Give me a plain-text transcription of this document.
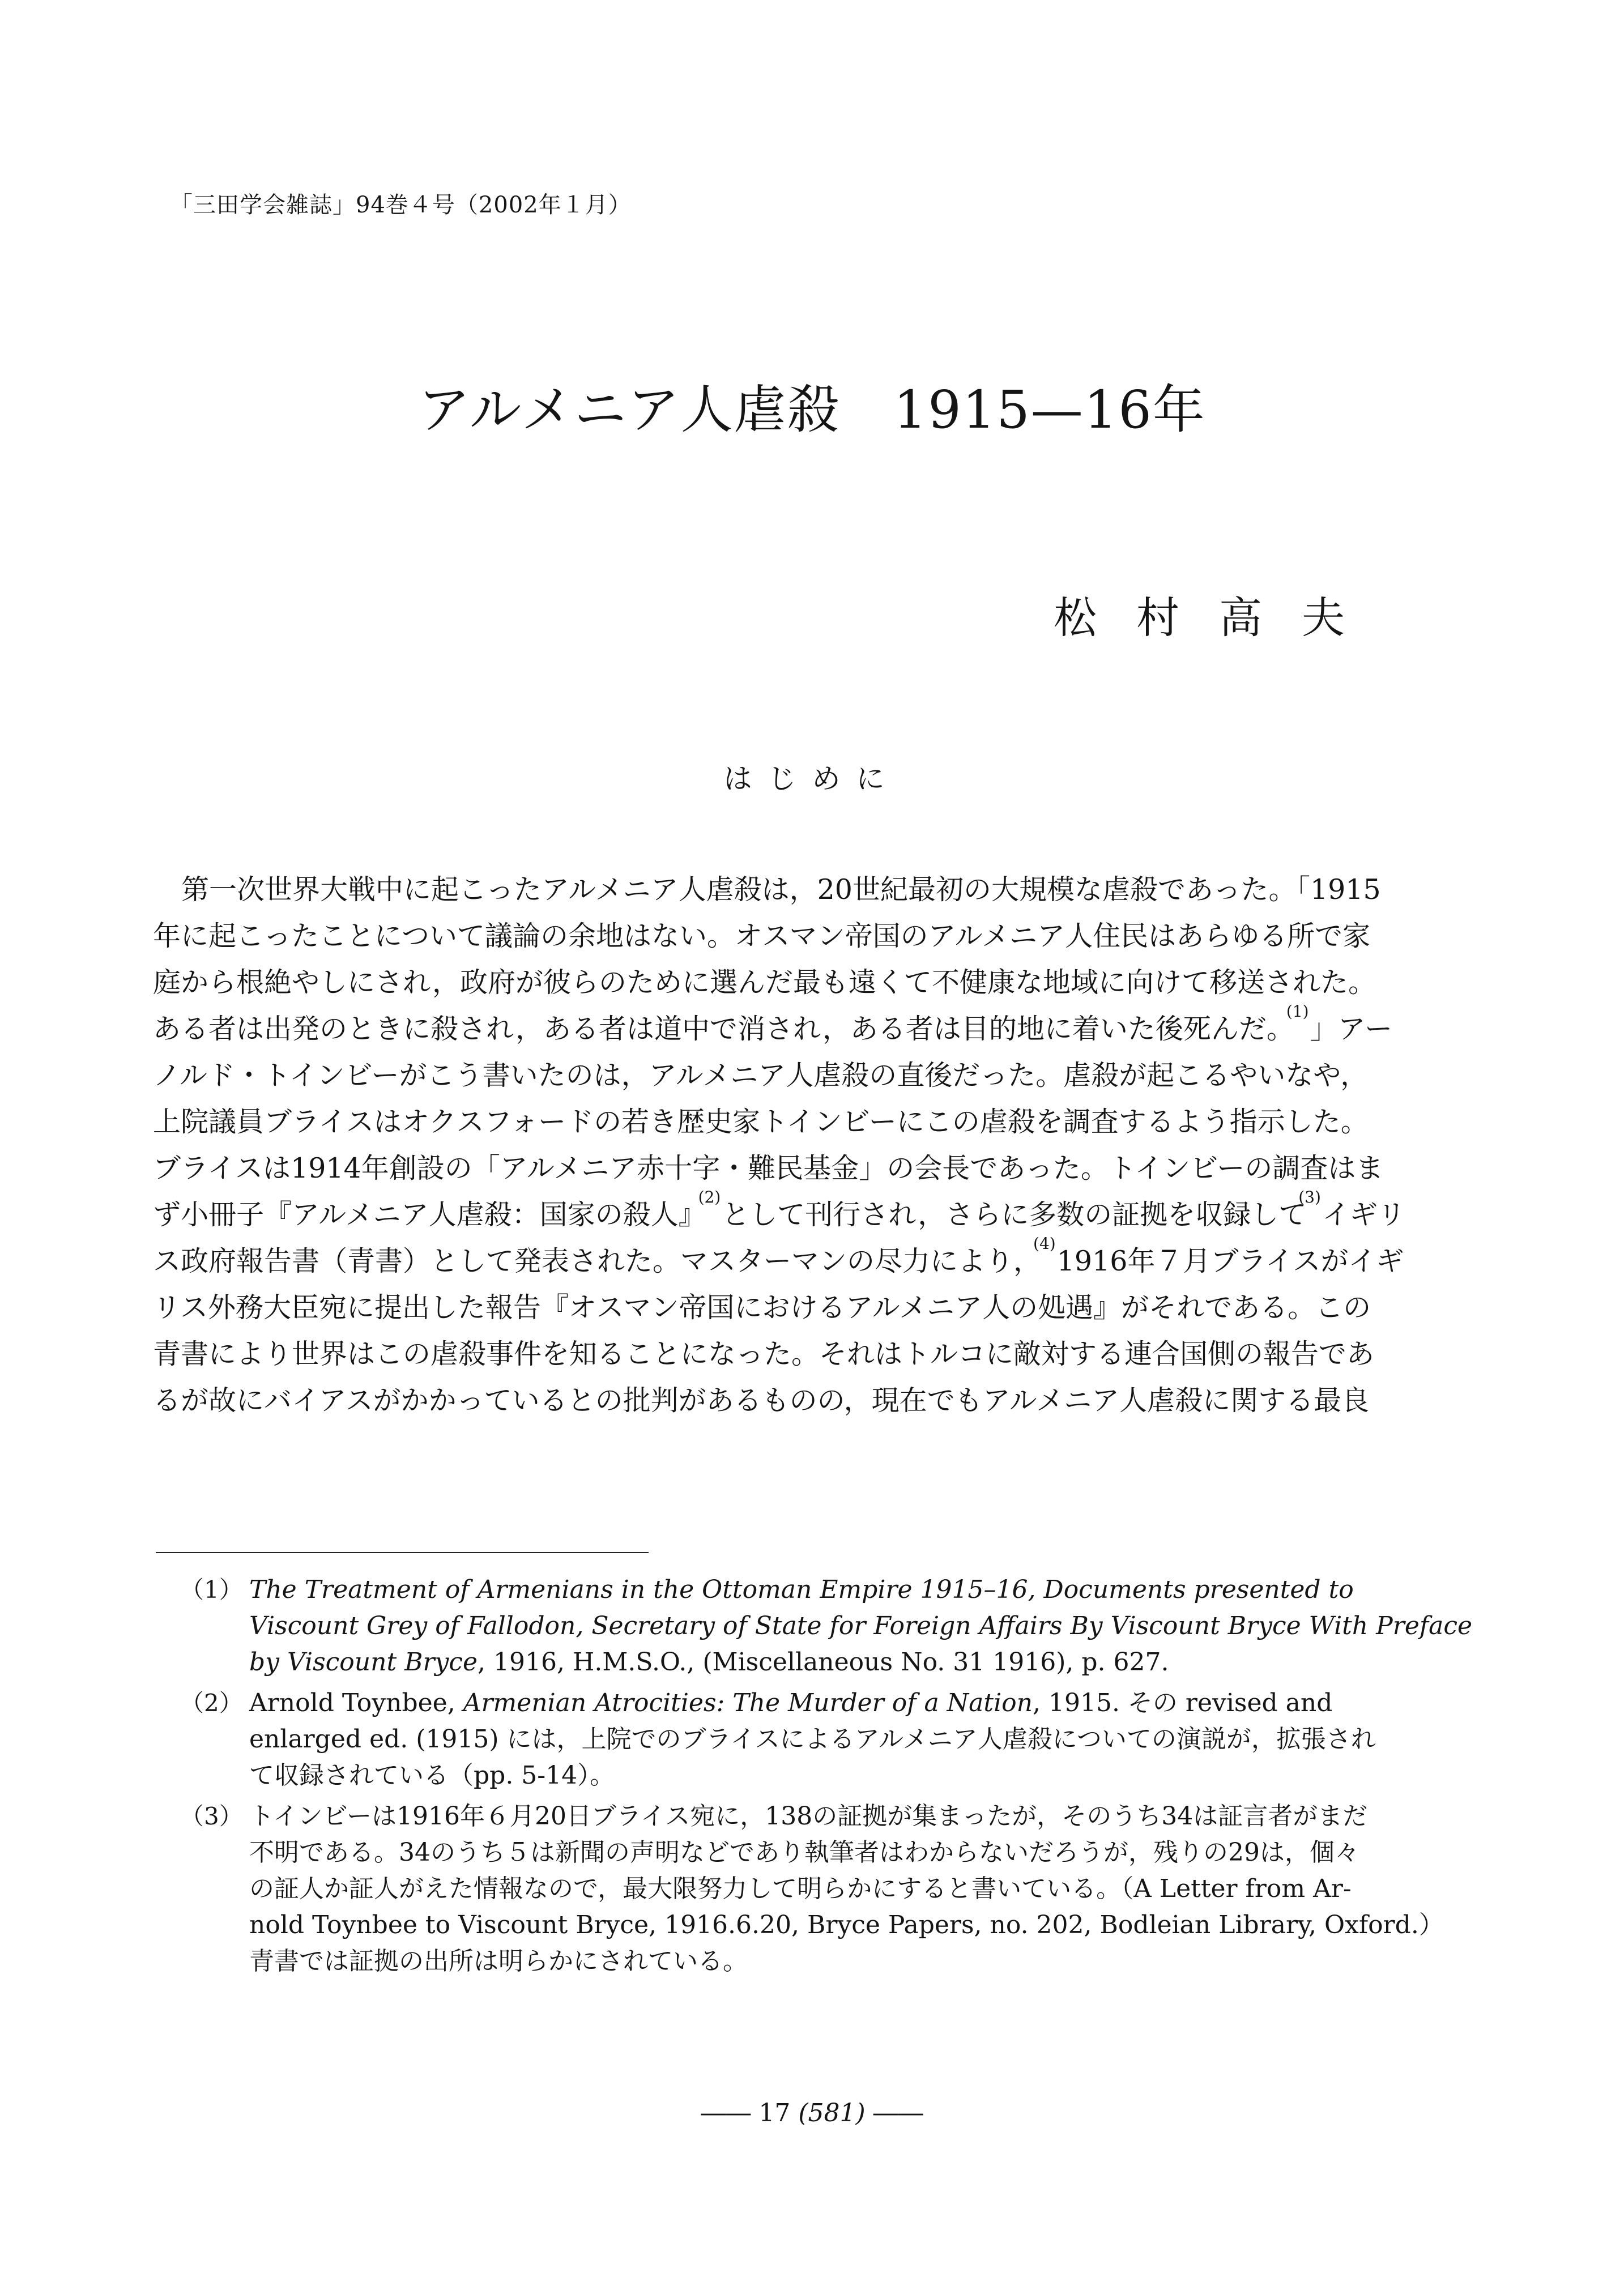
「三田学会雑誌」94巻４号（2002年１月）
アルメニア人虐殺　1915—16年
松村高夫
はじめに
第一次世界大戦中に起こったアルメニア人虐殺は，20世紀最初の大規模な虐殺であった。「1915
年に起こったことについて議論の余地はない。オスマン帝国のアルメニア人住民はあらゆる所で家
庭から根絶やしにされ，政府が彼らのために選んだ最も遠くて不健康な地域に向けて移送された。
ある者は出発のときに殺され，ある者は道中で消され，ある者は目的地に着いた後死んだ。$^{(1)}$」アー
ノルド・トインビーがこう書いたのは，アルメニア人虐殺の直後だった。虐殺が起こるやいなや，
上院議員ブライスはオクスフォードの若き歴史家トインビーにこの虐殺を調査するよう指示した。
ブライスは1914年創設の「アルメニア赤十字・難民基金」の会長であった。トインビーの調査はま
ず小冊子『アルメニア人虐殺：国家の殺人』$^{(2)}$として刊行され，さらに多数の証拠を収録して$^{(3)}$イギリ
ス政府報告書（青書）として発表された。マスターマンの尽力により，$^{(4)}$1916年７月ブライスがイギ
リス外務大臣宛に提出した報告『オスマン帝国におけるアルメニア人の処遇』がそれである。この
青書により世界はこの虐殺事件を知ることになった。それはトルコに敵対する連合国側の報告であ
るが故にバイアスがかかっているとの批判があるものの，現在でもアルメニア人虐殺に関する最良
（1） The Treatment of Armenians in the Ottoman Empire 1915–16, Documents presented to
Viscount Grey of Fallodon, Secretary of State for Foreign Affairs By Viscount Bryce With Preface
by Viscount Bryce, 1916, H.M.S.O., (Miscellaneous No. 31 1916), p. 627.
（2） Arnold Toynbee, Armenian Atrocities: The Murder of a Nation, 1915. その revised and
enlarged ed. (1915) には，上院でのブライスによるアルメニア人虐殺についての演説が，拡張され
て収録されている（pp. 5-14）。
（3） トインビーは1916年６月20日ブライス宛に，138の証拠が集まったが，そのうち34は証言者がまだ
不明である。34のうち５は新聞の声明などであり執筆者はわからないだろうが，残りの29は，個々
の証人か証人がえた情報なので，最大限努力して明らかにすると書いている。（A Letter from Ar-
nold Toynbee to Viscount Bryce, 1916.6.20, Bryce Papers, no. 202, Bodleian Library, Oxford.）
青書では証拠の出所は明らかにされている。
―― 17 (581) ――
